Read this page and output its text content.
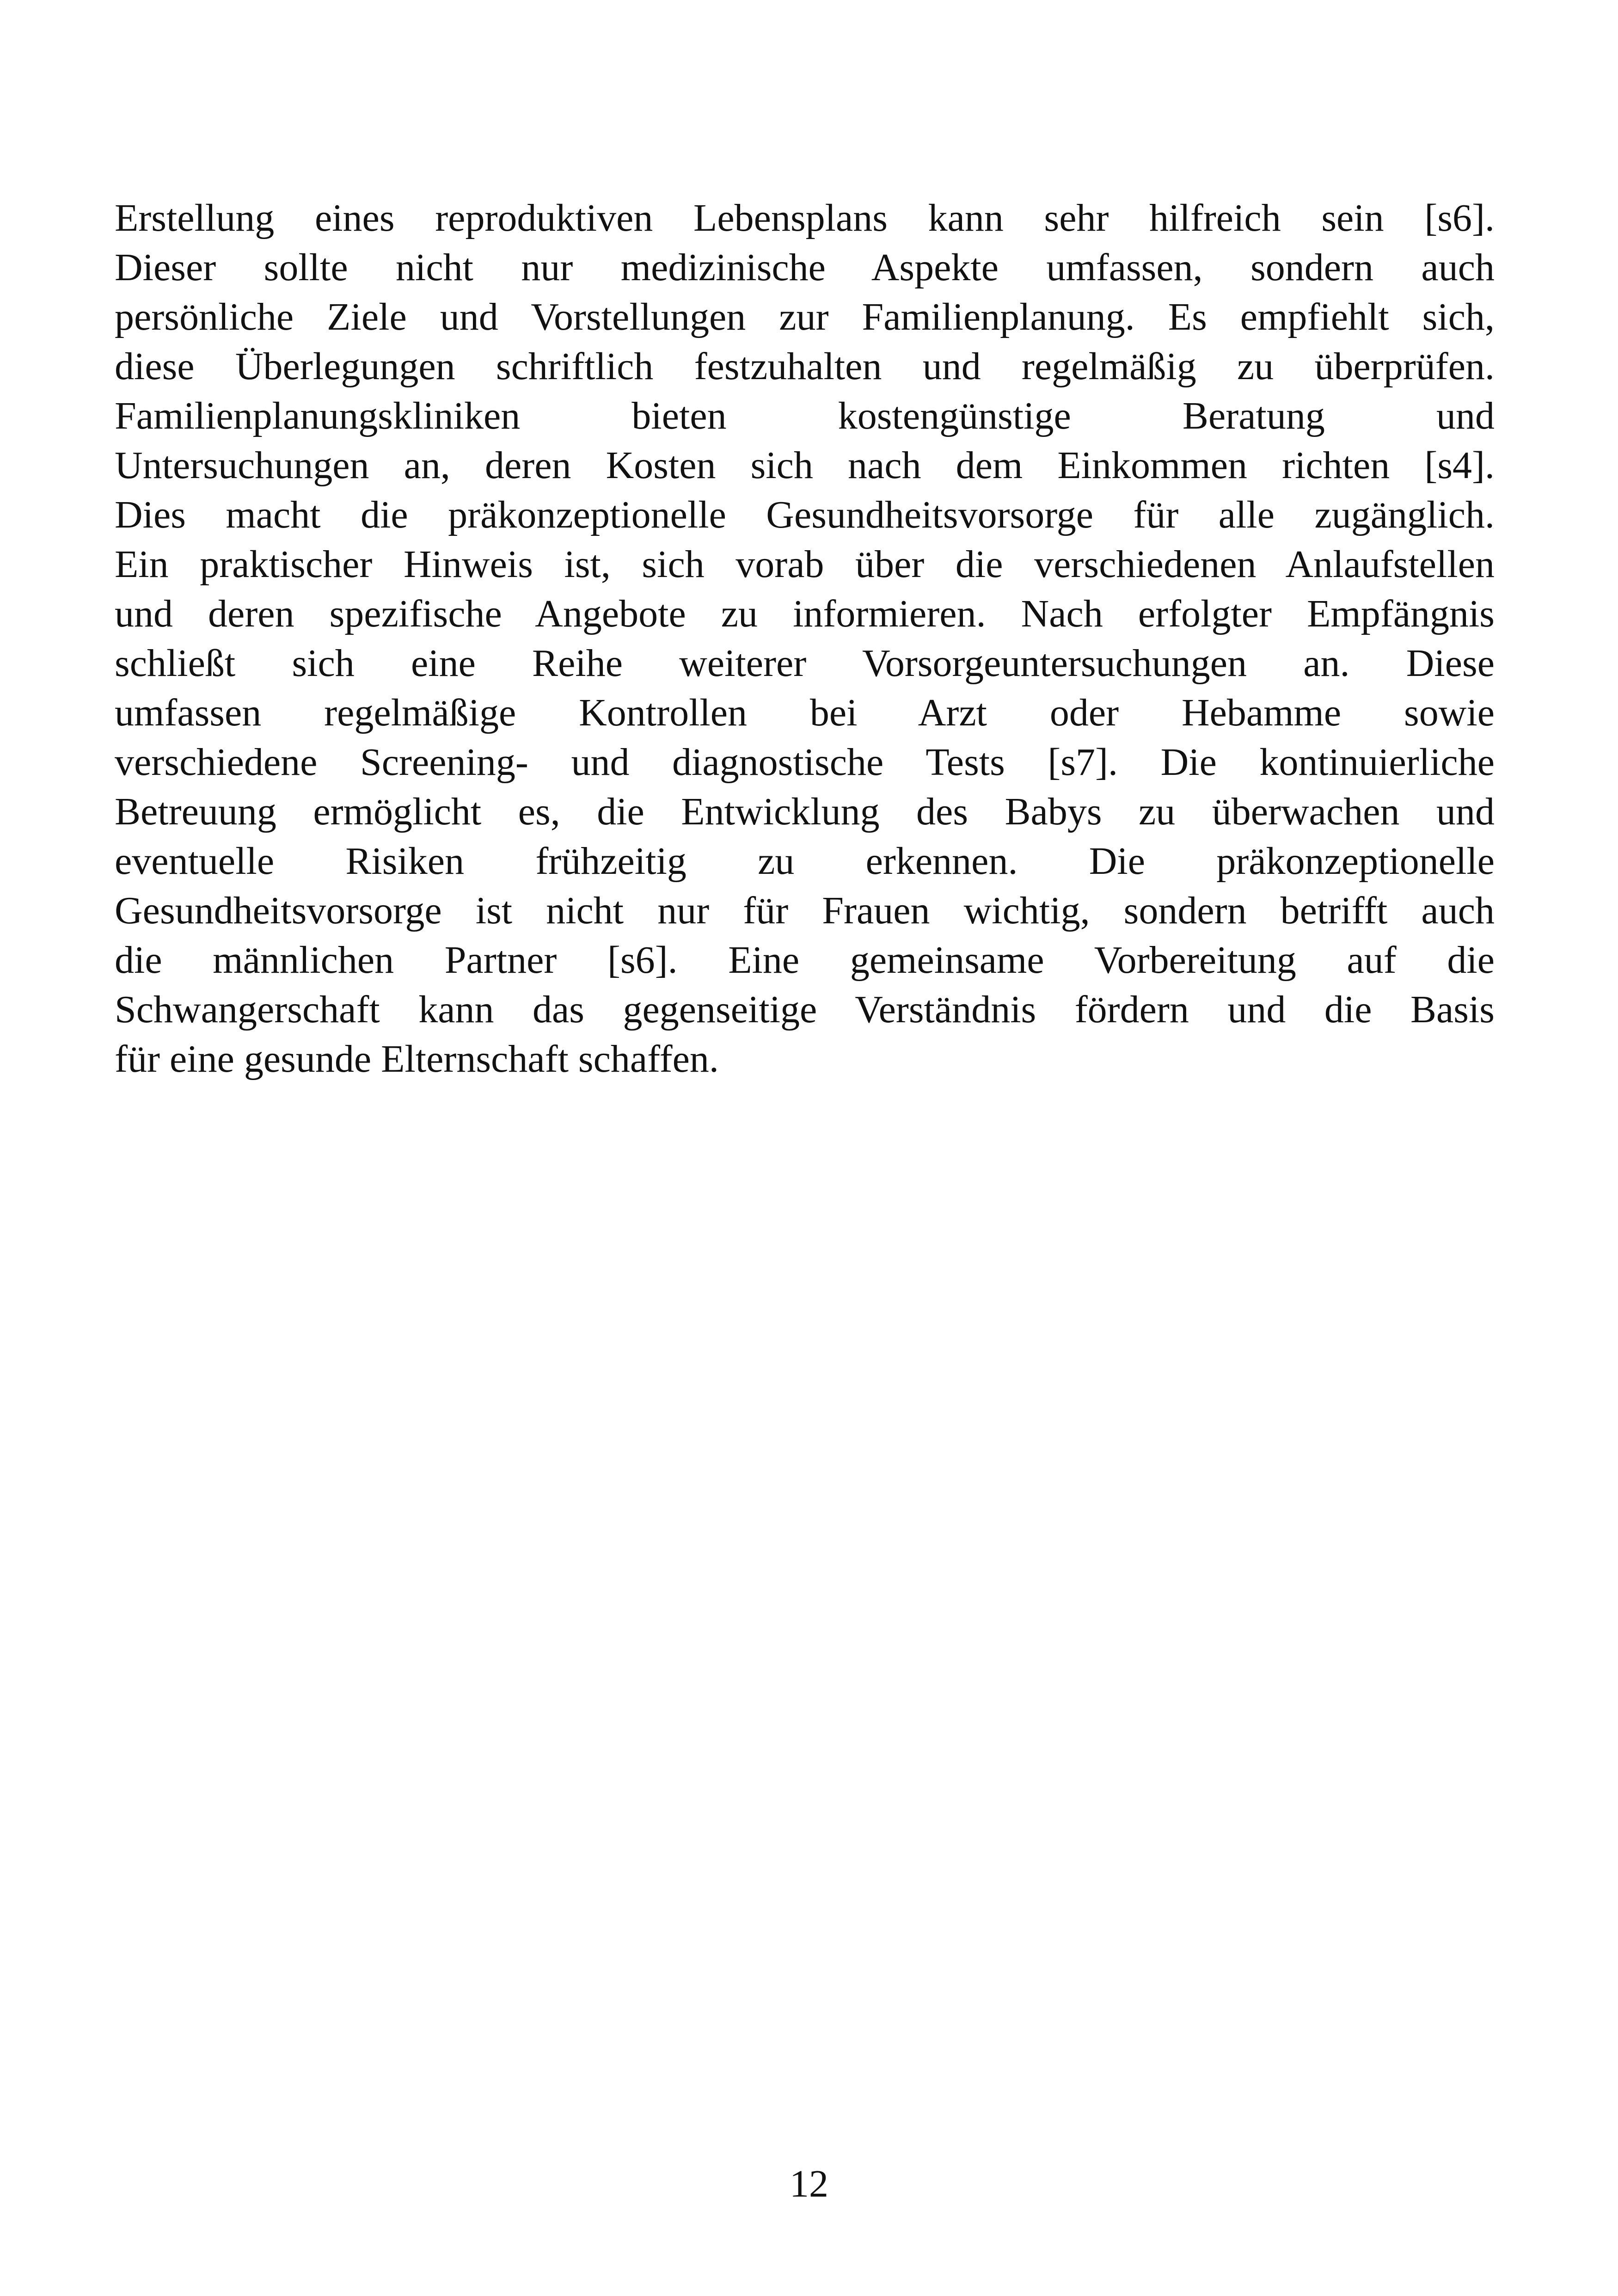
Erstellung eines reproduktiven Lebensplans kann sehr hilfreich sein [s6].
Dieser sollte nicht nur medizinische Aspekte umfassen, sondern auch
persönliche Ziele und Vorstellungen zur Familienplanung. Es empfiehlt sich,
diese Überlegungen schriftlich festzuhalten und regelmäßig zu überprüfen.
Familienplanungskliniken bieten kostengünstige Beratung und
Untersuchungen an, deren Kosten sich nach dem Einkommen richten [s4].
Dies macht die präkonzeptionelle Gesundheitsvorsorge für alle zugänglich.
Ein praktischer Hinweis ist, sich vorab über die verschiedenen Anlaufstellen
und deren spezifische Angebote zu informieren. Nach erfolgter Empfängnis
schließt sich eine Reihe weiterer Vorsorgeuntersuchungen an. Diese
umfassen regelmäßige Kontrollen bei Arzt oder Hebamme sowie
verschiedene Screening- und diagnostische Tests [s7]. Die kontinuierliche
Betreuung ermöglicht es, die Entwicklung des Babys zu überwachen und
eventuelle Risiken frühzeitig zu erkennen. Die präkonzeptionelle
Gesundheitsvorsorge ist nicht nur für Frauen wichtig, sondern betrifft auch
die männlichen Partner [s6]. Eine gemeinsame Vorbereitung auf die
Schwangerschaft kann das gegenseitige Verständnis fördern und die Basis
für eine gesunde Elternschaft schaffen.
12
